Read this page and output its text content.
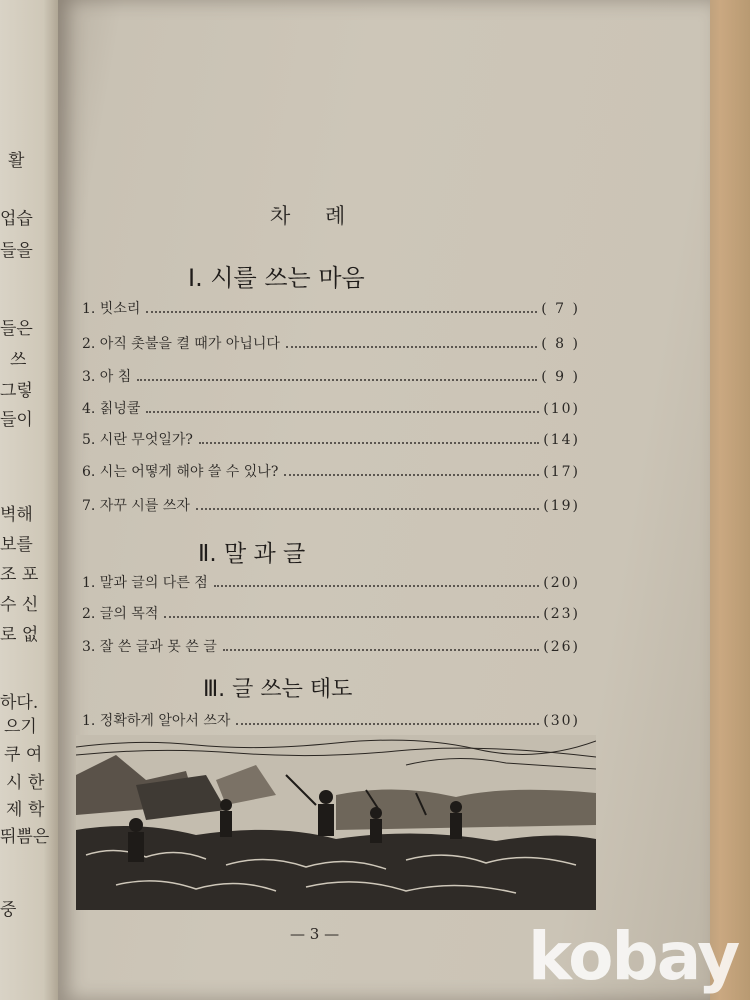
활
업습
들을
들은
쓰
그렇
들이
벽해
보를
조 포
수 신
로 없
하다.
으기
쿠 여
시 한
제 학
뛰쁨은
중
차 례
Ⅰ. 시를 쓰는 마음
1. 빗소리	( 7 )
2. 아직 촛불을 켤 때가 아닙니다	( 8 )
3. 아 침	( 9 )
4. 칡넝쿨	(10)
5. 시란 무엇일가?	(14)
6. 시는 어떻게 해야 쓸 수 있나?	(17)
7. 자꾸 시를 쓰자	(19)
Ⅱ. 말 과 글
1. 말과 글의 다른 점	(20)
2. 글의 목적	(23)
3. 잘 쓴 글과 못 쓴 글	(26)
Ⅲ. 글 쓰는 태도
1. 정확하게 알아서 쓰자	(30)
— 3 —	kobay
